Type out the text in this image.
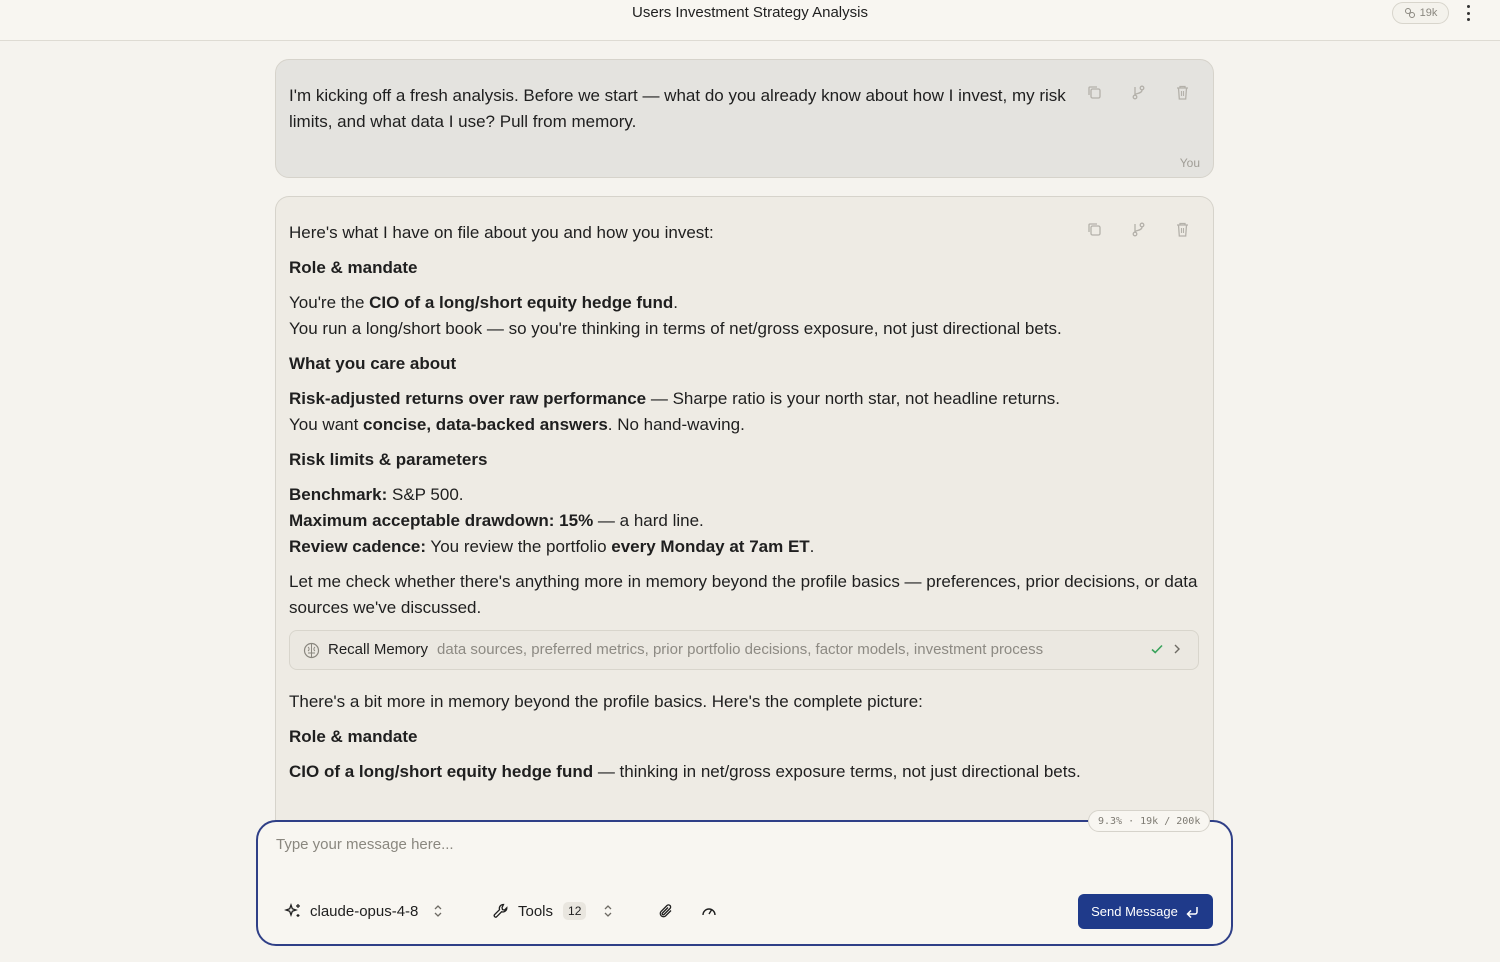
Users Investment Strategy Analysis	19k
I'm kicking off a fresh analysis. Before we start — what do you already know about how I invest, my risk limits, and what data I use? Pull from memory.
You

Here's what I have on file about you and how you invest:

Role & mandate

You're the CIO of a long/short equity hedge fund.
You run a long/short book — so you're thinking in terms of net/gross exposure, not just directional bets.

What you care about

Risk-adjusted returns over raw performance — Sharpe ratio is your north star, not headline returns.
You want concise, data-backed answers. No hand-waving.

Risk limits & parameters

Benchmark: S&P 500.
Maximum acceptable drawdown: 15% — a hard line.
Review cadence: You review the portfolio every Monday at 7am ET.

Let me check whether there's anything more in memory beyond the profile basics — preferences, prior decisions, or data sources we've discussed.

Recall Memory data sources, preferred metrics, prior portfolio decisions, factor models, investment process

There's a bit more in memory beyond the profile basics. Here's the complete picture:

Role & mandate

CIO of a long/short equity hedge fund — thinking in net/gross exposure terms, not just directional bets.

9.3% · 19k / 200k
Type your message here...
claude-opus-4-8	Tools	12	Send Message
